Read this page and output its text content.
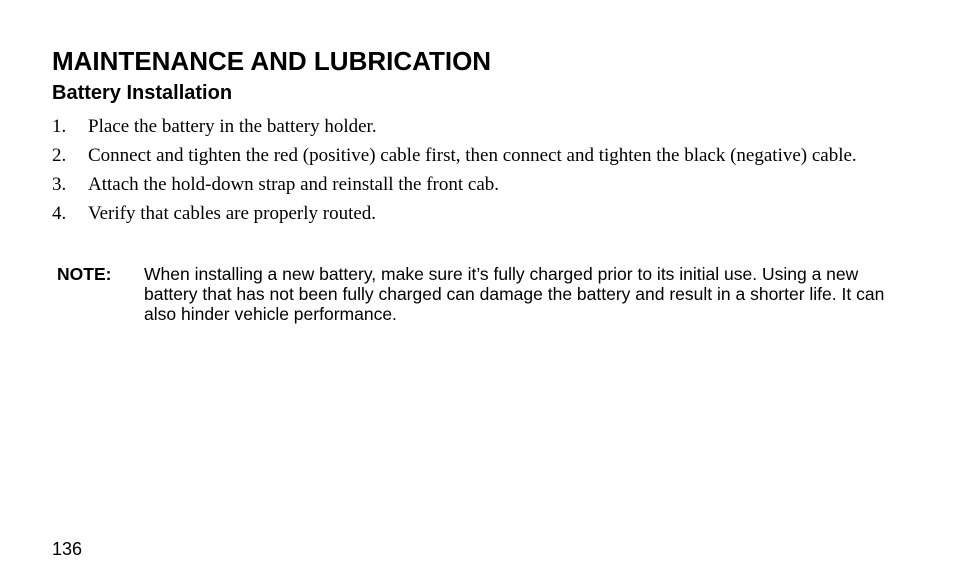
MAINTENANCE AND LUBRICATION
Battery Installation
1.	Place the battery in the battery holder.
2.	Connect and tighten the red (positive) cable first, then connect and tighten the black (negative) cable.
3.	Attach the hold-down strap and reinstall the front cab.
4.	Verify that cables are properly routed.
NOTE:	When installing a new battery, make sure it’s fully charged prior to its initial use. Using a new battery that has not been fully charged can damage the battery and result in a shorter life. It can also hinder vehicle performance.
136
